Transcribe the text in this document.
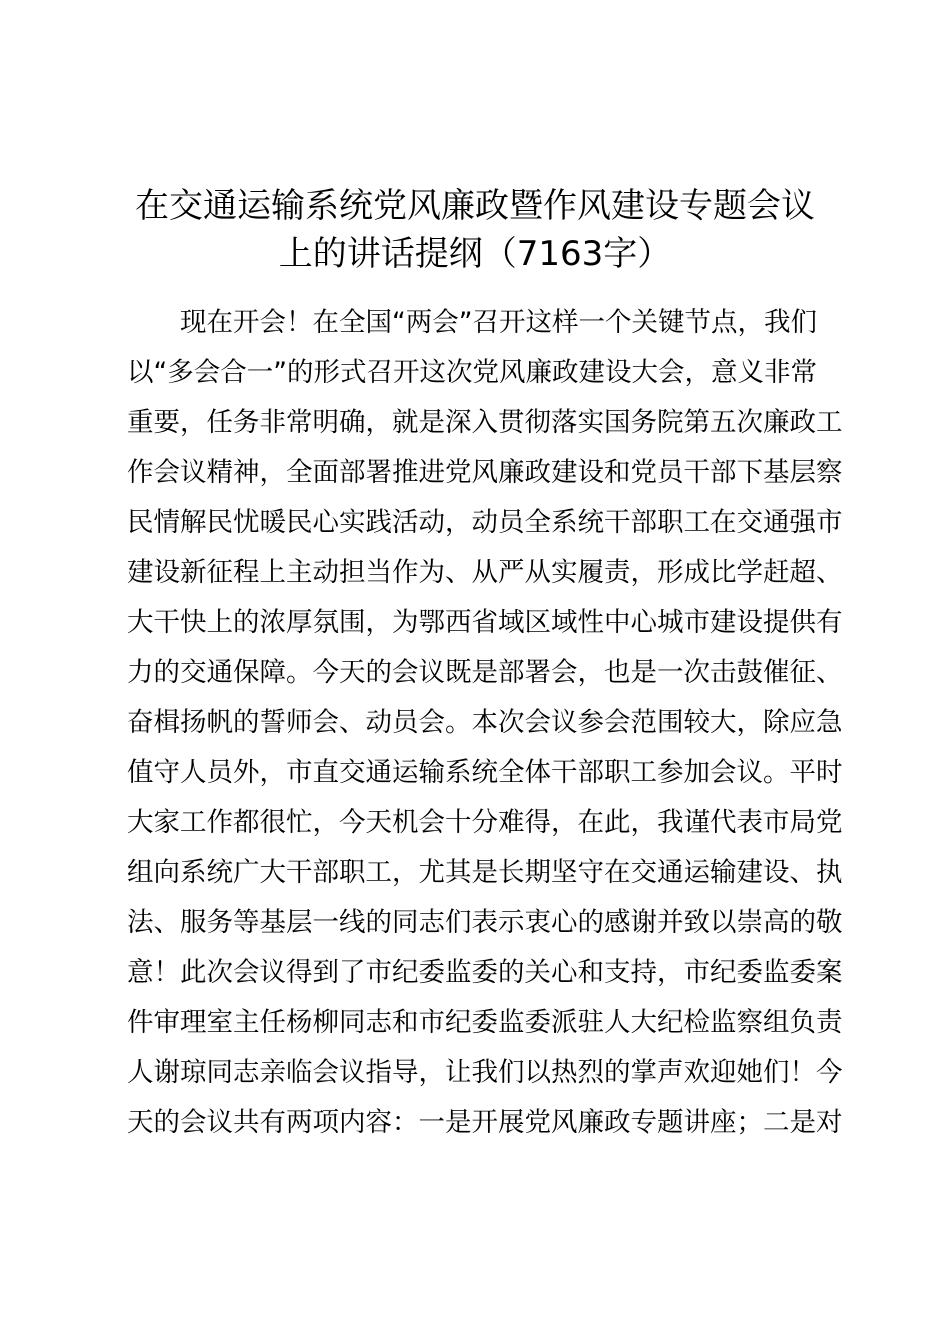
在交通运输系统党风廉政暨作风建设专题会议
上的讲话提纲（7163字）
现在开会！在全国“两会”召开这样一个关键节点，我们
以“多会合一”的形式召开这次党风廉政建设大会，意义非常
重要，任务非常明确，就是深入贯彻落实国务院第五次廉政工
作会议精神，全面部署推进党风廉政建设和党员干部下基层察
民情解民忧暖民心实践活动，动员全系统干部职工在交通强市
建设新征程上主动担当作为、从严从实履责，形成比学赶超、
大干快上的浓厚氛围，为鄂西省域区域性中心城市建设提供有
力的交通保障。今天的会议既是部署会，也是一次击鼓催征、
奋楫扬帆的誓师会、动员会。本次会议参会范围较大，除应急
值守人员外，市直交通运输系统全体干部职工参加会议。平时
大家工作都很忙，今天机会十分难得，在此，我谨代表市局党
组向系统广大干部职工，尤其是长期坚守在交通运输建设、执
法、服务等基层一线的同志们表示衷心的感谢并致以崇高的敬
意！此次会议得到了市纪委监委的关心和支持，市纪委监委案
件审理室主任杨柳同志和市纪委监委派驻人大纪检监察组负责
人谢琼同志亲临会议指导，让我们以热烈的掌声欢迎她们！今
天的会议共有两项内容：一是开展党风廉政专题讲座；二是对
